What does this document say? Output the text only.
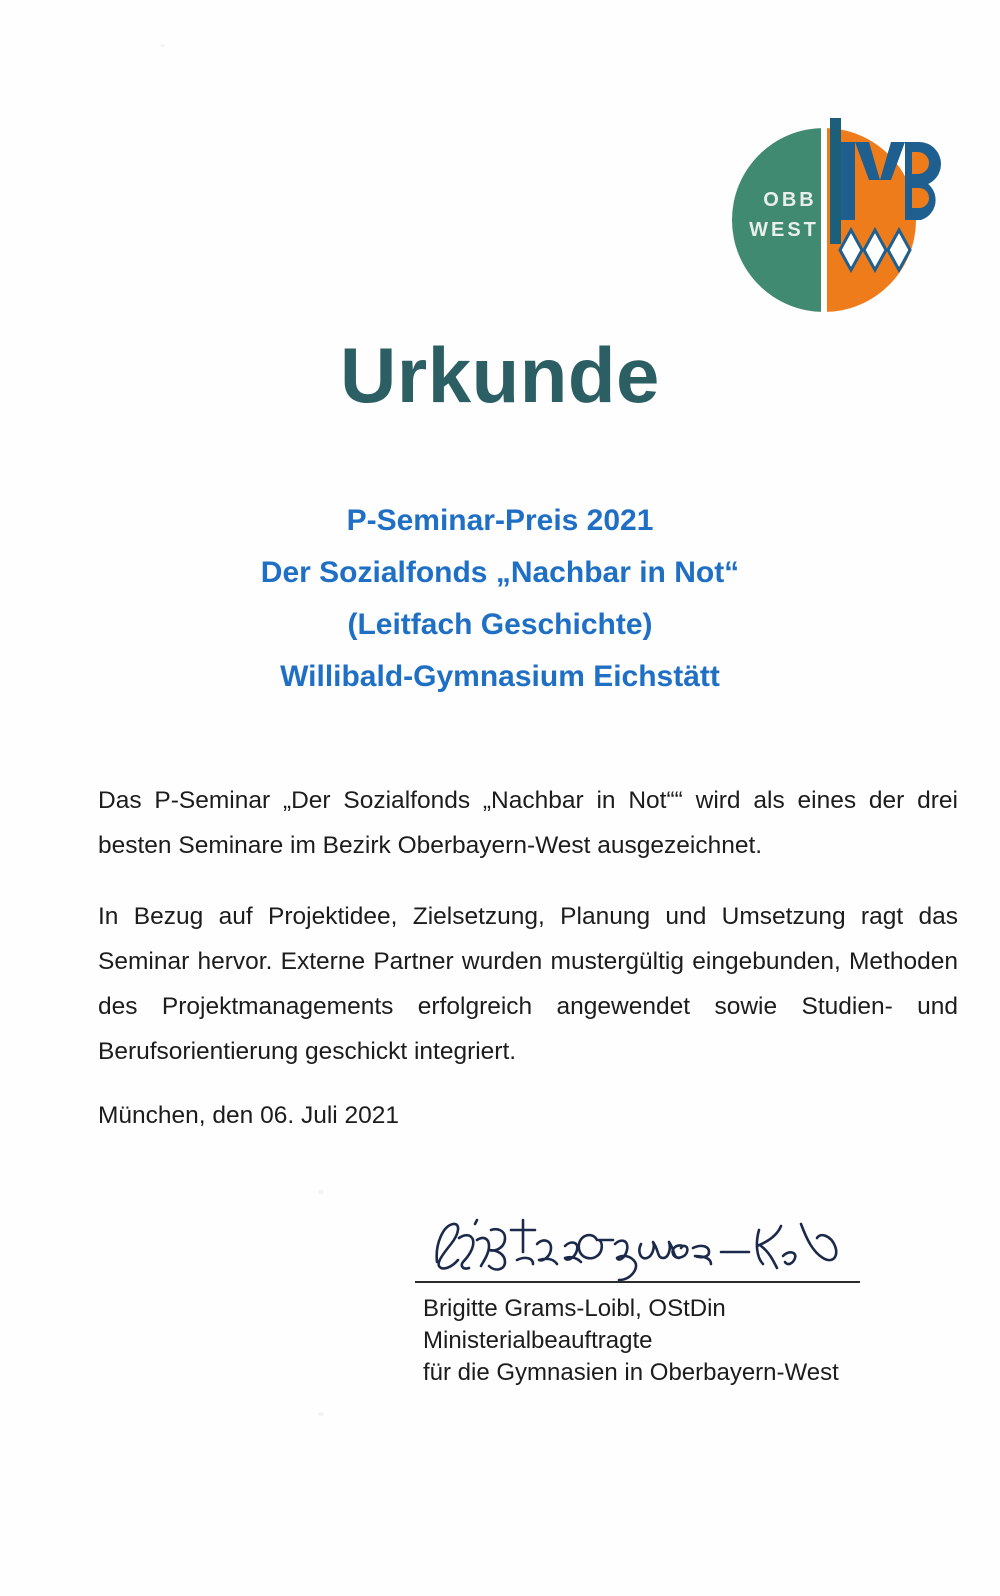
OBB
WEST
Urkunde
P-Seminar-Preis 2021
Der Sozialfonds „Nachbar in Not“
(Leitfach Geschichte)
Willibald-Gymnasium Eichstätt

Das P-Seminar „Der Sozialfonds „Nachbar in Not““ wird als eines der drei besten Seminare im Bezirk Oberbayern-West ausgezeichnet.

In Bezug auf Projektidee, Zielsetzung, Planung und Umsetzung ragt das Seminar hervor. Externe Partner wurden mustergültig eingebunden, Methoden des Projektmanagements erfolgreich angewendet sowie Studien- und Berufsorientierung geschickt integriert.

München, den 06. Juli 2021
Brigitte Grams-Loibl, OStDin
Ministerialbeauftragte
für die Gymnasien in Oberbayern-West
